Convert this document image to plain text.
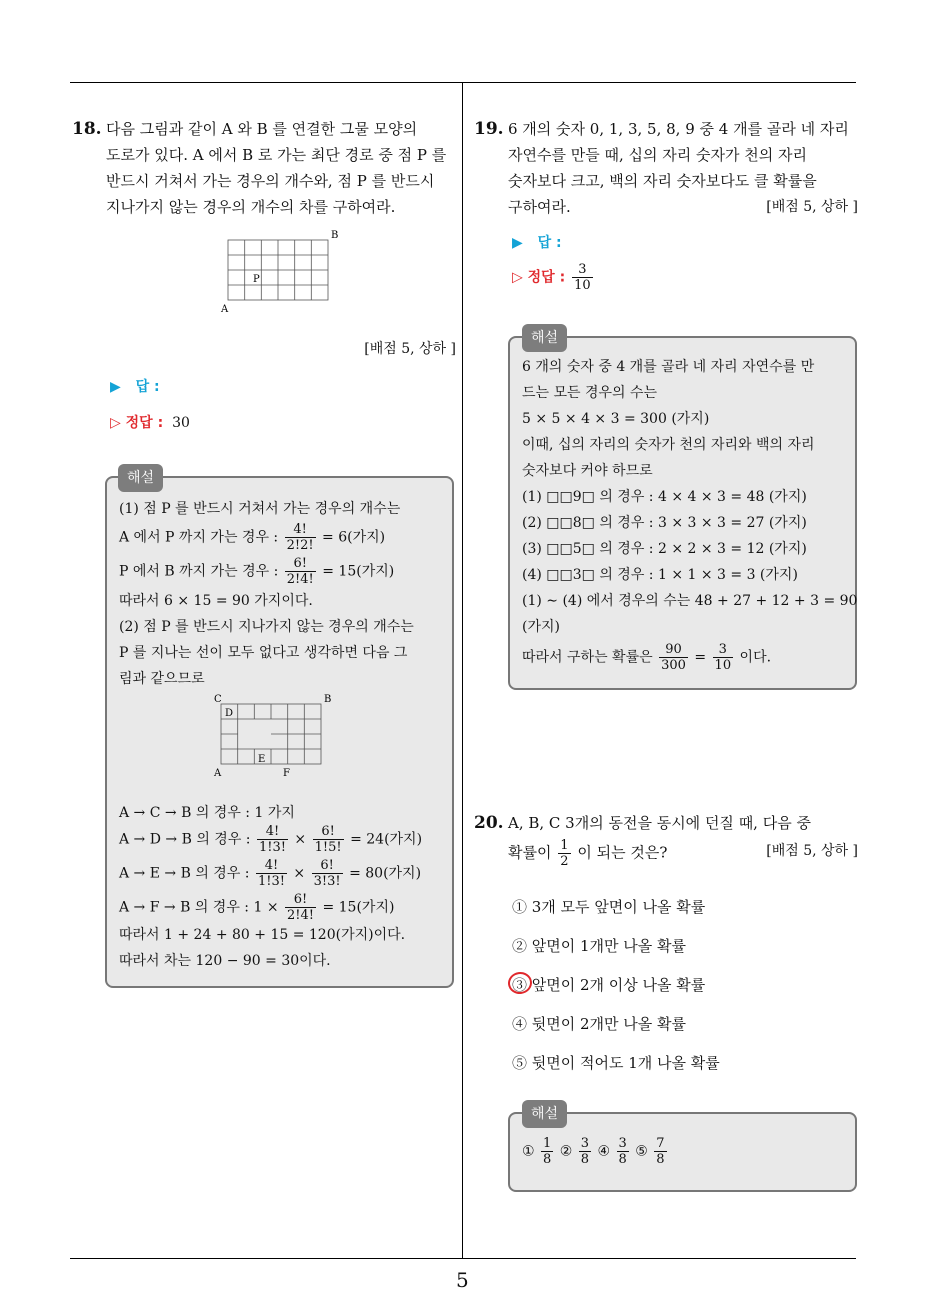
18. 다음 그림과 같이 A 와 B 를 연결한 그물 모양의
도로가 있다. A 에서 B 로 가는 최단 경로 중 점 P 를
반드시 거쳐서 가는 경우의 개수와, 점 P 를 반드시
지나가지 않는 경우의 개수의 차를 구하여라.
B
A
P
[배점 5, 상하 ]
▶ 답 :
▷ 정답 : 30
(1) 점 P 를 반드시 거쳐서 가는 경우의 개수는
A 에서 P 까지 가는 경우 : $\frac{4!}{2!2!} = 6$(가지)
P 에서 B 까지 가는 경우 : $\frac{6!}{2!4!} = 15$(가지)
따라서 6 × 15 = 90 가지이다.
(2) 점 P 를 반드시 지나가지 않는 경우의 개수는
P 를 지나는 선이 모두 없다고 생각하면 다음 그
림과 같으므로
C	B
D
E
A	F
A → C → B 의 경우 : 1 가지
A → D → B 의 경우 : $\frac{4!}{1!3!} \times \frac{6!}{1!5!} = 24$(가지)
A → E → B 의 경우 : $\frac{4!}{1!3!} \times \frac{6!}{3!3!} = 80$(가지)
A → F → B 의 경우 : $1 \times \frac{6!}{2!4!} = 15$(가지)
따라서 1 + 24 + 80 + 15 = 120(가지)이다.
따라서 차는 120 − 90 = 30이다.
해설
19. 6 개의 숫자 0, 1, 3, 5, 8, 9 중 4 개를 골라 네 자리
자연수를 만들 때, 십의 자리 숫자가 천의 자리
숫자보다 크고, 백의 자리 숫자보다도 클 확률을
구하여라.	[배점 5, 상하 ]
▶ 답 :
▷ 정답 : $\frac{3}{10}$
6 개의 숫자 중 4 개를 골라 네 자리 자연수를 만
드는 모든 경우의 수는
5 × 5 × 4 × 3 = 300 (가지)
이때, 십의 자리의 숫자가 천의 자리와 백의 자리
숫자보다 커야 하므로
(1) □□9□ 의 경우 : 4 × 4 × 3 = 48 (가지)
(2) □□8□ 의 경우 : 3 × 3 × 3 = 27 (가지)
(3) □□5□ 의 경우 : 2 × 2 × 3 = 12 (가지)
(4) □□3□ 의 경우 : 1 × 1 × 3 = 3 (가지)
(1) ∼ (4) 에서 경우의 수는 48 + 27 + 12 + 3 = 90
(가지)
따라서 구하는 확률은 $\frac{90}{300} = \frac{3}{10}$ 이다.
해설
20. A, B, C 3개의 동전을 동시에 던질 때, 다음 중
확률이 $\frac{1}{2}$ 이 되는 것은?	[배점 5, 상하 ]
① 3개 모두 앞면이 나올 확률
② 앞면이 1개만 나올 확률
③ 앞면이 2개 이상 나올 확률
④ 뒷면이 2개만 나올 확률
⑤ 뒷면이 적어도 1개 나올 확률
① $\frac{1}{8}$ ② $\frac{3}{8}$ ④ $\frac{3}{8}$ ⑤ $\frac{7}{8}$
해설
5
